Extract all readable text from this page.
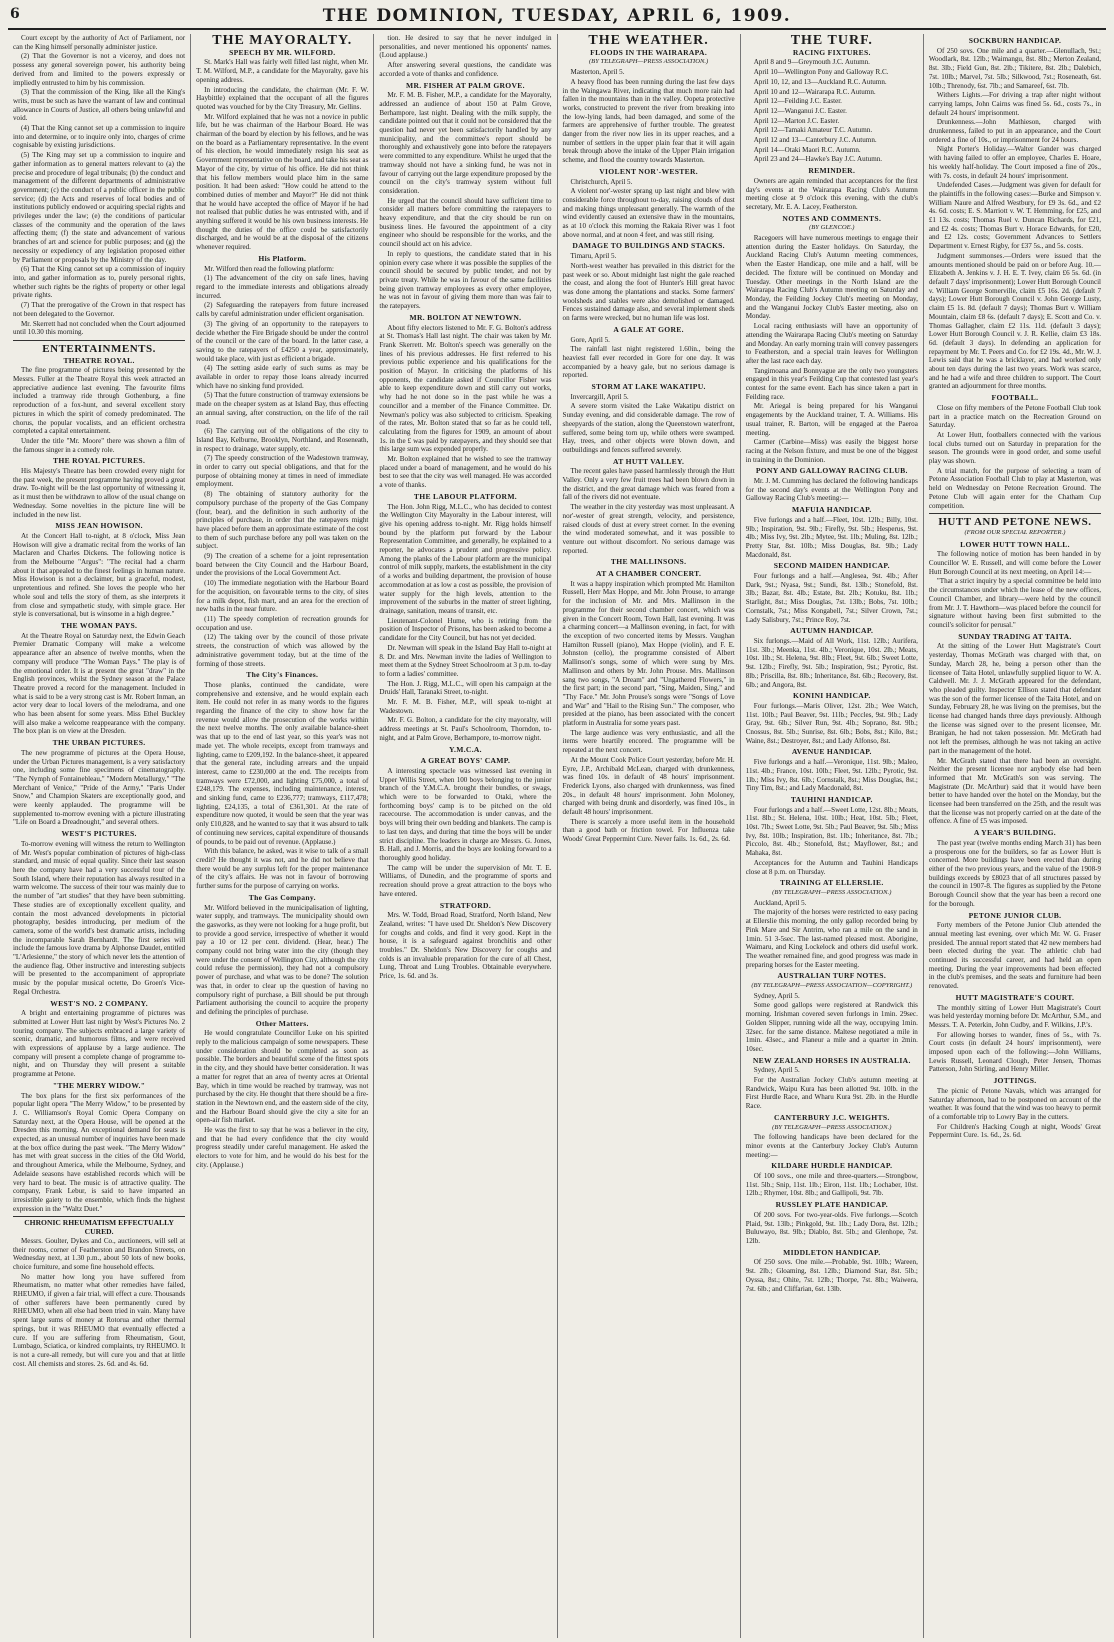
6	THE DOMINION, TUESDAY, APRIL 6, 1909.

Court except by the authority of Act of Parliament, nor can the King himself personally administer justice.

(2) That the Governor is not a viceroy, and does not possess any general sovereign power, his authority being derived from and limited to the powers expressly or impliedly entrusted to him by his commission.

(3) That the commission of the King, like all the King's writs, must be such as have the warrant of law and continual allowance in Courts of Justice, all others being unlawful and void.

(4) That the King cannot set up a commission to inquire into and determine, or to inquire only into, charges of crime cognisable by existing jurisdictions.

(5) The King may set up a commission to inquire and gather information as to general matters relevant to (a) the precise and procedure of legal tribunals; (b) the conduct and management of the different departments of administrative government; (c) the conduct of a public officer in the public service; (d) the Acts and reserves of local bodies and of institutions publicly endowed or acquiring special rights and privileges under the law; (e) the conditions of particular classes of the community and the operation of the laws affecting them; (f) the state and advancement of various branches of art and science for public purposes; and (g) the necessity or expediency of any legislation proposed either by Parliament or proposals by the Ministry of the day.

(6) That the King cannot set up a commission of inquiry into, and gather information as to, purely personal rights, whether such rights be the rights of property or other legal private rights.

(7) That the prerogative of the Crown in that respect has not been delegated to the Governor.

Mr. Skerrett had not concluded when the Court adjourned until 10.30 this morning.

ENTERTAINMENTS.
THEATRE ROYAL.

The fine programme of pictures being presented by the Messrs. Fuller at the Theatre Royal this week attracted an appreciative audience last evening. The favourite films included a tramway ride through Gothenburg, a fine reproduction of a fox-hunt, and several excellent story pictures in which the spirit of comedy predominated. The chorus, the popular vocalists, and an efficient orchestra completed a capital entertainment.

Under the title "Mr. Moore" there was shown a film of the famous singer in a comedy role.

THE ROYAL PICTURES.

His Majesty's Theatre has been crowded every night for the past week, the present programme having proved a great draw. To-night will be the last opportunity of witnessing it, as it must then be withdrawn to allow of the usual change on Wednesday. Some novelties in the picture line will be included in the new list.

MISS JEAN HOWISON.

At the Concert Hall to-night, at 8 o'clock, Miss Jean Howison will give a dramatic recital from the works of Ian Maclaren and Charles Dickens. The following notice is from the Melbourne "Argus": "The recital had a charm about it that appealed to the finest feelings in human nature. Miss Howison is not a declaimer, but a graceful, modest, unpretentious and refined. She loves the people who her whole soul and tells the story of them, as she interprets it from close and sympathetic study, with simple grace. Her style is conversational, but is winsome in a high degree."

THE WOMAN PAYS.

At the Theatre Royal on Saturday next, the Edwin Geach Premier Dramatic Company will make a welcome appearance after an absence of twelve months, when the company will produce "The Woman Pays." The play is of the emotional order. It is at present the great "draw" in the English provinces, whilst the Sydney season at the Palace Theatre proved a record for the management. Included in what is said to be a very strong cast is Mr. Robert Inman, an actor very dear to local lovers of the melodrama, and one who has been absent for some years. Miss Ethel Buckley will also make a welcome reappearance with the company. The box plan is on view at the Dresden.

THE URBAN PICTURES.

The new programme of pictures at the Opera House, under the Urban Pictures management, is a very satisfactory one, including some fine specimens of cinematography. "The Nymph of Fontainebleau," "Modern Metallurgy," "The Merchant of Venice," "Pride of the Army," "Paris Under Snow," and Champion Skaters are exceptionally good, and were keenly applauded. The programme will be supplemented to-morrow evening with a picture illustrating "Life on Board a Dreadnought," and several others.

WEST'S PICTURES.

To-morrow evening will witness the return to Wellington of Mr. West's popular combination of pictures of high-class standard, and music of equal quality. Since their last season here the company have had a very successful tour of the South Island, where their reputation has always resulted in a warm welcome. The success of their tour was mainly due to the number of "art studies" that they have been submitting. These studies are of exceptionally excellent quality, and contain the most advanced developments in pictorial photography, besides introducing, per medium of the camera, some of the world's best dramatic artists, including the incomparable Sarah Bernhardt. The first series will include the famous love drama by Alphonse Daudet, entitled "L'Arlesienne," the story of which never lets the attention of the audience flag. Other instructive and interesting subjects will be presented to the accompaniment of appropriate music by the popular musical octette, Do Groen's Vice-Regal Orchestra.

WEST'S NO. 2 COMPANY.

A bright and entertaining programme of pictures was submitted at Lower Hutt last night by West's Pictures No. 2 touring company. The subjects embraced a large variety of scenic, dramatic, and humorous films, and were received with expressions of applause by a large audience. The company will present a complete change of programme to-night, and on Thursday they will present a suitable programme at Petone.

"THE MERRY WIDOW."

The box plans for the first six performances of the popular light opera "The Merry Widow," to be presented by J. C. Williamson's Royal Comic Opera Company on Saturday next, at the Opera House, will be opened at the Dresden this morning. An exceptional demand for seats is expected, as an unusual number of inquiries have been made at the box office during the past week. "The Merry Widow" has met with great success in the cities of the Old World, and throughout America, while the Melbourne, Sydney, and Adelaide seasons have established records which will be very hard to beat. The music is of attractive quality. The company, Frank Lebur, is said to have imparted an irresistible gaiety to the ensemble, which finds the highest expression in the "Waltz Duet."

CHRONIC RHEUMATISM EFFECTUALLY CURED.

Messrs. Goulter, Dykes and Co., auctioneers, will sell at their rooms, corner of Featherston and Brandon Streets, on Wednesday next, at 1.30 p.m., about 50 lots of new books, choice furniture, and some fine household effects.

No matter how long you have suffered from Rheumatism, no matter what other remedies have failed, RHEUMO, if given a fair trial, will effect a cure. Thousands of other sufferers have been permanently cured by RHEUMO, when all else had been tried in vain. Many have spent large sums of money at Rotorua and other thermal springs, but it was RHEUMO that eventually effected a cure. If you are suffering from Rheumatism, Gout, Lumbago, Sciatica, or kindred complaints, try RHEUMO. It is not a cure-all remedy, but will cure you and that at little cost. All chemists and stores. 2s. 6d. and 4s. 6d.

THE MAYORALTY.
SPEECH BY MR. WILFORD.

St. Mark's Hall was fairly well filled last night, when Mr. T. M. Wilford, M.P., a candidate for the Mayoralty, gave his opening address.

In introducing the candidate, the chairman (Mr. F. W. Haybittle) explained that the occupant of all the figures quoted was vouched for by the City Treasury, Mr. Gellins.

Mr. Wilford explained that he was not a novice in public life, but he was chairman of the Harbour Board. He was chairman of the board by election by his fellows, and he was on the board as a Parliamentary representative. In the event of his election, he would immediately resign his seat as Government representative on the board, and take his seat as Mayor of the city, by virtue of his office. He did not think that his fellow members would place him in the same position. It had been asked: "How could he attend to the combined duties of member and Mayor?" He did not think that he would have accepted the office of Mayor if he had not realised that public duties he was entrusted with, and if anything suffered it would be his own business interests. He thought the duties of the office could be satisfactorily discharged, and he would be at the disposal of the citizens whenever required.

His Platform.

Mr. Wilford then read the following platform:

(1) The advancement of the city on safe lines, having regard to the immediate interests and obligations already incurred.

(2) Safeguarding the ratepayers from future increased calls by careful administration under efficient organisation.

(3) The giving of an opportunity to the ratepayers to decide whether the Fire Brigade should be under the control of the council or the care of the board. In the latter case, a saving to the ratepayers of £4250 a year, approximately, would take place, with just as efficient a brigade.

(4) The setting aside early of such sums as may be available in order to repay those loans already incurred which have no sinking fund provided.

(5) That the future construction of tramway extensions be made on the cheaper system as at Island Bay, thus effecting an annual saving, after construction, on the life of the rail road.

(6) The carrying out of the obligations of the city to Island Bay, Kelburne, Brooklyn, Northland, and Roseneath, in respect to drainage, water supply, etc.

(7) The speedy construction of the Wadestown tramway, in order to carry out special obligations, and that for the purpose of obtaining money at times in need of immediate employment.

(8) The obtaining of statutory authority for the compulsory purchase of the property of the Gas Company (four, bear), and the definition in such authority of the principles of purchase, in order that the ratepayers might have placed before them an approximate estimate of the cost to them of such purchase before any poll was taken on the subject.

(9) The creation of a scheme for a joint representation board between the City Council and the Harbour Board, under the provisions of the Local Government Act.

(10) The immediate negotiation with the Harbour Board for the acquisition, on favourable terms to the city, of sites for a milk depot, fish mart, and an area for the erection of new baths in the near future.

(11) The speedy completion of recreation grounds for occupation and use.

(12) The taking over by the council of those private streets, the construction of which was allowed by the administrative government today, but at the time of the forming of those streets.

The City's Finances.

Those planks, continued the candidate, were comprehensive and extensive, and he would explain each item. He could not refer in as many words to the figures regarding the finance of the city to show how far the revenue would allow the prosecution of the works within the next twelve months. The only available balance-sheet was that up to the end of last year, so this year's was not made yet. The whole receipts, except from tramways and lighting, came to £209,192. In the balance-sheet, it appeared that the general rate, including arrears and the unpaid interest, came to £230,000 at the end. The receipts from tramways were £72,000, and lighting £75,000, a total of £248,179. The expenses, including maintenance, interest, and sinking fund, came to £236,777; tramways, £117,478; lighting, £24,135, a total of £361,301. At the rate of expenditure now quoted, it would be seen that the year was only £10,828, and he wanted to say that it was absurd to talk of continuing new services, capital expenditure of thousands of pounds, to be paid out of revenue. (Applause.)

With this balance, he asked, was it wise to talk of a small credit? He thought it was not, and he did not believe that there would be any surplus left for the proper maintenance of the city's affairs. He was not in favour of borrowing further sums for the purpose of carrying on works.

The Gas Company.

Mr. Wilford believed in the municipalisation of lighting, water supply, and tramways. The municipality should own the gasworks, as they were not looking for a huge profit, but to provide a good service, irrespective of whether it would pay a 10 or 12 per cent. dividend. (Hear, hear.) The company could not bring water into the city (though they were under the consent of Wellington City, although the city could refuse the permission), they had not a compulsory power of purchase, and what was to be done? The solution was that, in order to clear up the question of having no compulsory right of purchase, a Bill should be put through Parliament authorising the council to acquire the property and defining the principles of purchase.

Other Matters.

He would congratulate Councillor Luke on his spirited reply to the malicious campaign of some newspapers. These under consideration should be completed as soon as possible. The borders and beautiful scene of the fittest spots in the city, and they should have better consideration. It was a matter for regret that an area of twenty acres at Oriental Bay, which in time would be reached by tramway, was not purchased by the city. He thought that there should be a fire-station in the Newtown end, and the eastern side of the city, and the Harbour Board should give the city a site for an open-air fish market.

He was the first to say that he was a believer in the city, and that he had every confidence that the city would progress steadily under careful management. He asked the electors to vote for him, and he would do his best for the city. (Applause.)

tion. He desired to say that he never indulged in personalities, and never mentioned his opponents' names. (Loud applause.)

After answering several questions, the candidate was accorded a vote of thanks and confidence.

MR. FISHER AT PALM GROVE.

Mr. F. M. B. Fisher, M.P., a candidate for the Mayoralty, addressed an audience of about 150 at Palm Grove, Berhampore, last night. Dealing with the milk supply, the candidate pointed out that it could not be considered that the question had never yet been satisfactorily handled by any municipality, and the committee's report should be thoroughly and exhaustively gone into before the ratepayers were committed to any expenditure. Whilst he urged that the tramway should not have a sinking fund, he was not in favour of carrying out the large expenditure proposed by the council on the city's tramway system without full consideration.

He urged that the council should have sufficient time to consider all matters before committing the ratepayers to heavy expenditure, and that the city should be run on business lines. He favoured the appointment of a city engineer who should be responsible for the works, and the council should act on his advice.

In reply to questions, the candidate stated that in his opinion every case where it was possible the supplies of the council should be secured by public tender, and not by private treaty. While he was in favour of the same facilities being given tramway employees as every other employee, he was not in favour of giving them more than was fair to the ratepayers.

MR. BOLTON AT NEWTOWN.

About fifty electors listened to Mr. F. G. Bolton's address at St. Thomas's Hall last night. The chair was taken by Mr. Frank Skerrett. Mr. Bolton's speech was generally on the lines of his previous addresses. He first referred to his previous public experience and his qualifications for the position of Mayor. In criticising the platforms of his opponents, the candidate asked if Councillor Fisher was able to keep expenditure down and still carry out works, why had he not done so in the past while he was a councillor and a member of the Finance Committee. Dr. Newman's policy was also subjected to criticism. Speaking of the rates, Mr. Bolton stated that so far as he could tell, calculating from the figures for 1909, an amount of about 1s. in the £ was paid by ratepayers, and they should see that this large sum was expended properly.

Mr. Bolton explained that he wished to see the tramway placed under a board of management, and he would do his best to see that the city was well managed. He was accorded a vote of thanks.

THE LABOUR PLATFORM.

The Hon. John Rigg, M.L.C., who has decided to contest the Wellington City Mayoralty in the Labour interest, will give his opening address to-night. Mr. Rigg holds himself bound by the platform put forward by the Labour Representation Committee, and generally, he explained to a reporter, he advocates a prudent and progressive policy. Among the planks of the Labour platform are the municipal control of milk supply, markets, the establishment in the city of a works and building department, the provision of house accommodation at as low a cost as possible, the provision of water supply for the high levels, attention to the improvement of the suburbs in the matter of street lighting, drainage, sanitation, means of transit, etc.

Lieutenant-Colonel Hume, who is retiring from the position of Inspector of Prisons, has been asked to become a candidate for the City Council, but has not yet decided.

Dr. Newman will speak in the Island Bay Hall to-night at 8. Dr. and Mrs. Newman invite the ladies of Wellington to meet them at the Sydney Street Schoolroom at 3 p.m. to-day to form a ladies' committee.

The Hon. J. Rigg, M.L.C., will open his campaign at the Druids' Hall, Taranaki Street, to-night.

Mr. F. M. B. Fisher, M.P., will speak to-night at Wadestown.

Mr. F. G. Bolton, a candidate for the city mayoralty, will address meetings at St. Paul's Schoolroom, Thorndon, to-night, and at Palm Grove, Berhampore, to-morrow night.

Y.M.C.A.
A GREAT BOYS' CAMP.

A interesting spectacle was witnessed last evening in Upper Willis Street, when 100 boys belonging to the junior branch of the Y.M.C.A. brought their bundles, or swags, which were to be forwarded to Otaki, where the forthcoming boys' camp is to be pitched on the old racecourse. The accommodation is under canvas, and the boys will bring their own bedding and blankets. The camp is to last ten days, and during that time the boys will be under strict discipline. The leaders in charge are Messrs. G. Jones, B. Hall, and J. Morris, and the boys are looking forward to a thoroughly good holiday.

The camp will be under the supervision of Mr. T. E. Williams, of Dunedin, and the programme of sports and recreation should prove a great attraction to the boys who have entered.

STRATFORD.

Mrs. W. Todd, Broad Road, Stratford, North Island, New Zealand, writes: "I have used Dr. Sheldon's New Discovery for coughs and colds, and find it very good. Kept in the house, it is a safeguard against bronchitis and other troubles." Dr. Sheldon's New Discovery for coughs and colds is an invaluable preparation for the cure of all Chest, Lung, Throat and Lung Troubles. Obtainable everywhere. Price, 1s. 6d. and 3s.

THE WEATHER.
FLOODS IN THE WAIRARAPA.
(BY TELEGRAPH—PRESS ASSOCIATION.)

Masterton, April 5.

A heavy flood has been running during the last few days in the Waingawa River, indicating that much more rain had fallen in the mountains than in the valley. Oopeta protective works, constructed to prevent the river from breaking into the low-lying lands, had been damaged, and some of the farmers are apprehensive of further trouble. The greatest danger from the river now lies in its upper reaches, and a number of settlers in the upper plain fear that it will again break through above the intake of the Upper Plain irrigation scheme, and flood the country towards Masterton.

VIOLENT NOR'-WESTER.

Christchurch, April 5.

A violent nor'-wester sprang up last night and blew with considerable force throughout to-day, raising clouds of dust and making things unpleasant generally. The warmth of the wind evidently caused an extensive thaw in the mountains, as at 10 o'clock this morning the Rakaia River was 1 foot above normal, and at noon 4 feet, and was still rising.

DAMAGE TO BUILDINGS AND STACKS.

Timaru, April 5.

North-west weather has prevailed in this district for the past week or so. About midnight last night the gale reached the coast, and along the foot of Hunter's Hill great havoc was done among the plantations and stacks. Some farmers' woolsheds and stables were also demolished or damaged. Fences sustained damage also, and several implement sheds on farms were wrecked, but no human life was lost.

A GALE AT GORE.

Gore, April 5.

The rainfall last night registered 1.60in., being the heaviest fall ever recorded in Gore for one day. It was accompanied by a heavy gale, but no serious damage is reported.

STORM AT LAKE WAKATIPU.

Invercargill, April 5.

A severe storm visited the Lake Wakatipu district on Sunday evening, and did considerable damage. The row of sheepyards of the station, along the Queenstown waterfront, suffered, some being torn up, while others were swamped. Hay, trees, and other objects were blown down, and outbuildings and fences suffered severely.

AT HUTT VALLEY.

The recent gales have passed harmlessly through the Hutt Valley. Only a very few fruit trees had been blown down in the district, and the great damage which was feared from a fall of the rivers did not eventuate.

The weather in the city yesterday was most unpleasant. A nor'-wester of great strength, velocity, and persistence, raised clouds of dust at every street corner. In the evening the wind moderated somewhat, and it was possible to venture out without discomfort. No serious damage was reported.

THE MALLINSONS.
AT A CHAMBER CONCERT.

It was a happy inspiration which prompted Mr. Hamilton Russell, Herr Max Hoppe, and Mr. John Prouse, to arrange for the inclusion of Mr. and Mrs. Mallinson in the programme for their second chamber concert, which was given in the Concert Room, Town Hall, last evening. It was a charming concert—a Mallinson evening, in fact, for with the exception of two concerted items by Messrs. Vaughan Hamilton Russell (piano), Max Hoppe (violin), and F. E. Johnston (cello), the programme consisted of Albert Mallinson's songs, some of which were sung by Mrs. Mallinson and others by Mr. John Prouse. Mrs. Mallinson sang two songs, "A Dream" and "Ungathered Flowers," in the first part; in the second part, "Sing, Maiden, Sing," and "Thy Face." Mr. John Prouse's songs were "Songs of Love and War" and "Hail to the Rising Sun." The composer, who presided at the piano, has been associated with the concert platform in Australia for some years past.

The large audience was very enthusiastic, and all the items were heartily encored. The programme will be repeated at the next concert.

At the Mount Cook Police Court yesterday, before Mr. H. Eyre, J.P., Archibald McLean, charged with drunkenness, was fined 10s. in default of 48 hours' imprisonment. Frederick Lyons, also charged with drunkenness, was fined 20s., in default 48 hours' imprisonment. John Moloney, charged with being drunk and disorderly, was fined 10s., in default 48 hours' imprisonment.

There is scarcely a more useful item in the household than a good bath or friction towel. For Influenza take Woods' Great Peppermint Cure. Never fails. 1s. 6d., 2s. 6d.

THE TURF.
RACING FIXTURES.

April 8 and 9—Greymouth J.C. Autumn.

April 10—Wellington Pony and Galloway R.C.

April 10, 12, and 13—Auckland R.C. Autumn.

April 10 and 12—Wairarapa R.C. Autumn.

April 12—Feilding J.C. Easter.

April 12—Wanganui J.C. Easter.

April 12—Marton J.C. Easter.

April 12—Tamaki Amateur T.C. Autumn.

April 12 and 13—Canterbury J.C. Autumn.

April 14—Otaki Maori R.C. Autumn.

April 23 and 24—Hawke's Bay J.C. Autumn.

REMINDER.

Owners are again reminded that acceptances for the first day's events at the Wairarapa Racing Club's Autumn meeting close at 9 o'clock this evening, with the club's secretary, Mr. E. A. Lacey, Featherston.

NOTES AND COMMENTS.
(BY GLENCOE.)

Racegoers will have numerous meetings to engage their attention during the Easter holidays. On Saturday, the Auckland Racing Club's Autumn meeting commences, when the Easter Handicap, one mile and a half, will be decided. The fixture will be continued on Monday and Tuesday. Other meetings in the North Island are the Wairarapa Racing Club's Autumn meeting on Saturday and Monday, the Feilding Jockey Club's meeting on Monday, and the Wanganui Jockey Club's Easter meeting, also on Monday.

Local racing enthusiasts will have an opportunity of attending the Wairarapa Racing Club's meeting on Saturday and Monday. An early morning train will convey passengers to Featherston, and a special train leaves for Wellington after the last race each day.

Tangimoana and Bonnyague are the only two youngsters engaged in this year's Feilding Cup that contested last year's contest for the same event. Each has since taken a part in Feilding race.

Mr. Ariegal is being prepared for his Wanganui engagements by the Auckland trainer, T. A. Williams. His usual trainer, R. Barton, will be engaged at the Paeroa meeting.

Carmer (Carbine—Miss) was easily the biggest horse racing at the Nelson fixture, and must be one of the biggest in training in the Dominion.

PONY AND GALLOWAY RACING CLUB.

Mr. J. M. Cumming has declared the following handicaps for the second day's events at the Wellington Pony and Galloway Racing Club's meeting:—

MAFUIA HANDICAP.

Five furlongs and a half.—Fleet, 10st. 12lb.; Billy, 10st. 9lb.; Inspiration, 9st. 9lb.; Firefly, 9st. 5lb.; Hesperus, 9st. 4lb.; Miss Ivy, 9st. 2lb.; Mytee, 9st. 1lb.; Muling, 8st. 12lb.; Pretty Star, 8st. 10lb.; Miss Douglas, 8st. 9lb.; Lady Macdonald, 8st.

SECOND MAIDEN HANDICAP.

Four furlongs and a half.—Anglesea, 9st. 4lb.; After Dark, 9st.; Nyasa, 9st.; Sundi, 8st. 13lb.; Stonefold, 8st. 3lb.; Bazar, 8st. 4lb.; Estate, 8st. 2lb.; Kotuku, 8st. 1lb.; Starlight, 8st.; Miss Douglas, 7st. 13lb.; Bobs, 7st. 10lb.; Cornstalk, 7st.; Miss Kongabell, 7st.; Silver Crown, 7st.; Lady Salisbury, 7st.; Prince Roy, 7st.

AUTUMN HANDICAP.

Six furlongs.—Maid of All Work, 11st. 12lb.; Aurifera, 11st. 3lb.; Meenka, 11st. 4lb.; Veronique, 10st. 2lb.; Meats, 10st. 1lb.; St. Helena, 9st. 8lb.; Fleet, 9st. 6lb.; Sweet Lotte, 9st. 12lb.; Firefly, 9st. 5lb.; Inspiration, 9st.; Pyrotic, 8st. 8lb.; Priscilla, 8st. 8lb.; Inheritance, 8st. 6lb.; Recovery, 8st. 6lb.; and Angora, 8st.

KONINI HANDICAP.

Four furlongs.—Maris Oliver, 12st. 2lb.; Wee Watch, 11st. 10lb.; Paul Beaver, 9st. 11lb.; Peccles, 9st. 9lb.; Lady Gray, 9st. 6lb.; Silver Run, 9st. 4lb.; Soprano, 8st. 9lb.; Cnossus, 8st. 5lb.; Sunrise, 8st. 6lb.; Bobs, 8st.; Kilo, 8st.; Waine, 8st.; Destroyer, 8st.; and Lady Alfonso, 8st.

AVENUE HANDICAP.

Five furlongs and a half.—Veronique, 11st. 9lb.; Maleo, 11st. 4lb.; France, 10st. 10lb.; Fleet, 9st. 12lb.; Pyrotic, 9st. 1lb.; Miss Ivy, 8st. 6lb.; Cornstalk, 8st.; Miss Douglas, 8st.; Tiny Tim, 8st.; and Lady Macdonald, 8st.

TAUHINI HANDICAP.

Four furlongs and a half.—Sweet Lotte, 12st. 8lb.; Meats, 11st. 8lb.; St. Helena, 10st. 10lb.; Heat, 10st. 5lb.; Fleet, 10st. 7lb.; Sweet Lotte, 9st. 5lb.; Paul Beaver, 9st. 5lb.; Miss Ivy, 8st. 10lb.; Inspiration, 8st. 1lb.; Inheritance, 8st. 7lb.; Piccolo, 8st. 4lb.; Stonefold, 8st.; Mayflower, 8st.; and Mahaka, 8st.

Acceptances for the Autumn and Tauhini Handicaps close at 8 p.m. on Thursday.

TRAINING AT ELLERSLIE.
(BY TELEGRAPH—PRESS ASSOCIATION.)

Auckland, April 5.

The majority of the horses were restricted to easy pacing at Ellerslie this morning, the only gallop recorded being by Pink Mare and Sir Antrim, who ran a mile on the sand in 1min. 51 3-5sec. The last-named pleased most. Aborigine, Waimaru, and King Lockelock and others did useful work. The weather remained fine, and good progress was made in preparing horses for the Easter meeting.

AUSTRALIAN TURF NOTES.
(BY TELEGRAPH—PRESS ASSOCIATION—COPYRIGHT.)

Sydney, April 5.

Some good gallops were registered at Randwick this morning. Irishman covered seven furlongs in 1min. 29sec. Golden Slipper, running wide all the way, occupying 1min. 32sec. for the same distance. Maltese negotiated a mile in 1min. 43sec., and Flaneur a mile and a quarter in 2min. 10sec.

NEW ZEALAND HORSES IN AUSTRALIA.

Sydney, April 5.

For the Australian Jockey Club's autumn meeting at Randwick, Waipu Kura has been allotted 9st. 10lb. in the First Hurdle Race, and Wharu Kura 9st. 2lb. in the Hurdle Race.

CANTERBURY J.C. WEIGHTS.
(BY TELEGRAPH—PRESS ASSOCIATION.)

The following handicaps have been declared for the minor events at the Canterbury Jockey Club's Autumn meeting:—

KILDARE HURDLE HANDICAP.

Of 100 sovs., one mile and three-quarters.—Strongbow, 11st. 5lb.; Snip, 11st. 1lb.; Eiron, 11st. 1lb.; Lochaber, 10st. 12lb.; Rhymer, 10st. 8lb.; and Gallipoli, 9st. 7lb.

RUSSLEY PLATE HANDICAP.

Of 200 sovs. For two-year-olds. Five furlongs.—Scotch Plaid, 9st. 13lb.; Pinkgold, 9st. 1lb.; Lady Dora, 8st. 12lb.; Buluwayo, 8st. 9lb.; Diablo, 8st. 5lb.; and Glenhope, 7st. 12lb.

MIDDLETON HANDICAP.

Of 250 sovs. One mile.—Probable, 9st. 10lb.; Wareen, 9st. 2lb.; Gloaming, 8st. 12lb.; Diamond Star, 8st. 5lb.; Oyssa, 8st.; Ohite, 7st. 12lb.; Thorpe, 7st. 8lb.; Waiwera, 7st. 6lb.; and Cliffarian, 6st. 13lb.

SOCKBURN HANDICAP.

Of 250 sovs. One mile and a quarter.—Glenullach, 9st.; Woodlark, 8st. 12lb.; Waimangu, 8st. 8lb.; Merton Zealand, 8st. 3lb.; Field Gun, 8st. 2lb.; Tikitere, 8st. 2lb.; Dalebich, 7st. 10lb.; Marvel, 7st. 5lb.; Silkwood, 7st.; Roseneath, 6st. 10lb.; Threnody, 6st. 7lb.; and Samareef, 6st. 7lb.

Withers Lights.—For driving a trap after night without carrying lamps, John Cairns was fined 5s. 6d., costs 7s., in default 24 hours' imprisonment.

Drunkenness.—John Mathieson, charged with drunkenness, failed to put in an appearance, and the Court ordered a fine of 10s., or imprisonment for 24 hours.

Night Porter's Holiday.—Walter Gander was charged with having failed to offer an employee, Charles E. Hoare, his weekly half-holiday. The Court imposed a fine of 20s., with 7s. costs, in default 24 hours' imprisonment.

Undefended Cases.—Judgment was given for default for the plaintiffs in the following cases:—Burke and Simpson v. William Naure and Alfred Westbury, for £9 3s. 6d., and £2 4s. 6d. costs; E. S. Marriott v. W. T. Hemming, for £25, and £1 13s. costs; Thomas Ruel v. Duncan Richards, for £21, and £2 4s. costs; Thomas Burt v. Horace Edwards, for £20, and £2 12s. costs; Government Advances to Settlers Department v. Ernest Rigby, for £37 5s., and 5s. costs.

Judgment summonses.—Orders were issued that the amounts mentioned should be paid on or before Aug. 10.—Elizabeth A. Jenkins v. J. H. E. T. Ivey, claim £6 5s. 6d. (in default 7 days' imprisonment); Lower Hutt Borough Council v. William George Somerville, claim £5 16s. 2d. (default 7 days); Lower Hutt Borough Council v. John George Lusty, claim £5 1s. 8d. (default 7 days); Thomas Burt v. William Mountain, claim £8 6s. (default 7 days); E. Scott and Co. v. Thomas Gallagher, claim £2 11s. 11d. (default 3 days); Lower Hutt Borough Council v. J. R. Kellie, claim £3 18s. 6d. (default 3 days). In defending an application for repayment by Mr. T. Peers and Co. for £2 19s. 4d., Mr. W. J. Lewis said that he was a bricklayer, and had worked only about ten days during the last two years. Work was scarce, and he had a wife and three children to support. The Court granted an adjournment for three months.

FOOTBALL.

Close on fifty members of the Petone Football Club took part in a practice match on the Recreation Ground on Saturday.

At Lower Hutt, footballers connected with the various local clubs turned out on Saturday in preparation for the season. The grounds were in good order, and some useful play was shown.

A trial match, for the purpose of selecting a team of Petone Association Football Club to play at Masterton, was held on Wednesday on Petone Recreation Ground. The Petone Club will again enter for the Chatham Cup competition.

HUTT AND PETONE NEWS.
(FROM OUR SPECIAL REPORTER.)
LOWER HUTT TOWN HALL.

The following notice of motion has been handed in by Councillor W. E. Russell, and will come before the Lower Hutt Borough Council at its next meeting, on April 14:—

"That a strict inquiry by a special committee be held into the circumstances under which the lease of the new offices, Council Chamber, and library—were held by the council from Mr. J. T. Hawthorn—was placed before the council for signature without having been first submitted to the council's solicitor for perusal."

SUNDAY TRADING AT TAITA.

At the sitting of the Lower Hutt Magistrate's Court yesterday, Thomas McGrath was charged with that, on Sunday, March 28, he, being a person other than the licensee of Taita Hotel, unlawfully supplied liquor to W. A. Caldwell. Mr. J. J. McGrath appeared for the defendant, who pleaded guilty. Inspector Ellison stated that defendant was the son of the former licensee of the Taita Hotel, and on Sunday, February 28, he was living on the premises, but the license had changed hands three days previously. Although the license was signed over to the present licensee, Mr. Branigan, he had not taken possession. Mr. McGrath had not left the premises, although he was not taking an active part in the management of the hotel.

Mr. McGrath stated that there had been an oversight. Neither the present licensee nor anybody else had been informed that Mr. McGrath's son was serving. The Magistrate (Dr. McArthur) said that it would have been better to have handed over the hotel on the Monday, but the licensee had been transferred on the 25th, and the result was that the license was not properly carried on at the date of the offence. A fine of £5 was imposed.

A YEAR'S BUILDING.

The past year (twelve months ending March 31) has been a prosperous one for the builders, so far as Lower Hutt is concerned. More buildings have been erected than during either of the two previous years, and the value of the 1908-9 buildings exceeds by £8023 that of all structures passed by the council in 1907-8. The figures as supplied by the Petone Borough Council show that the year has been a record one for the borough.

PETONE JUNIOR CLUB.

Forty members of the Petone Junior Club attended the annual meeting last evening, over which Mr. W. G. Fraser presided. The annual report stated that 42 new members had been elected during the year. The athletic club had continued its successful career, and had held an open meeting. During the year improvements had been effected in the club's premises, and the seats and furniture had been renovated.

HUTT MAGISTRATE'S COURT.

The monthly sitting of Lower Hutt Magistrate's Court was held yesterday morning before Dr. McArthur, S.M., and Messrs. T. A. Peterkin, John Cudby, and F. Wilkins, J.P.'s.

For allowing horses to wander, fines of 5s., with 7s. Court costs (in default 24 hours' imprisonment), were imposed upon each of the following:—John Williams, Lewis Russell, Leonard Clough, Peter Jensen, Thomas Patterson, John Stirling, and Henry Miller.

JOTTINGS.

The picnic of Petone Navals, which was arranged for Saturday afternoon, had to be postponed on account of the weather. It was found that the wind was too heavy to permit of a comfortable trip to Lowry Bay in the cutters.

For Children's Hacking Cough at night, Woods' Great Peppermint Cure. 1s. 6d., 2s. 6d.
